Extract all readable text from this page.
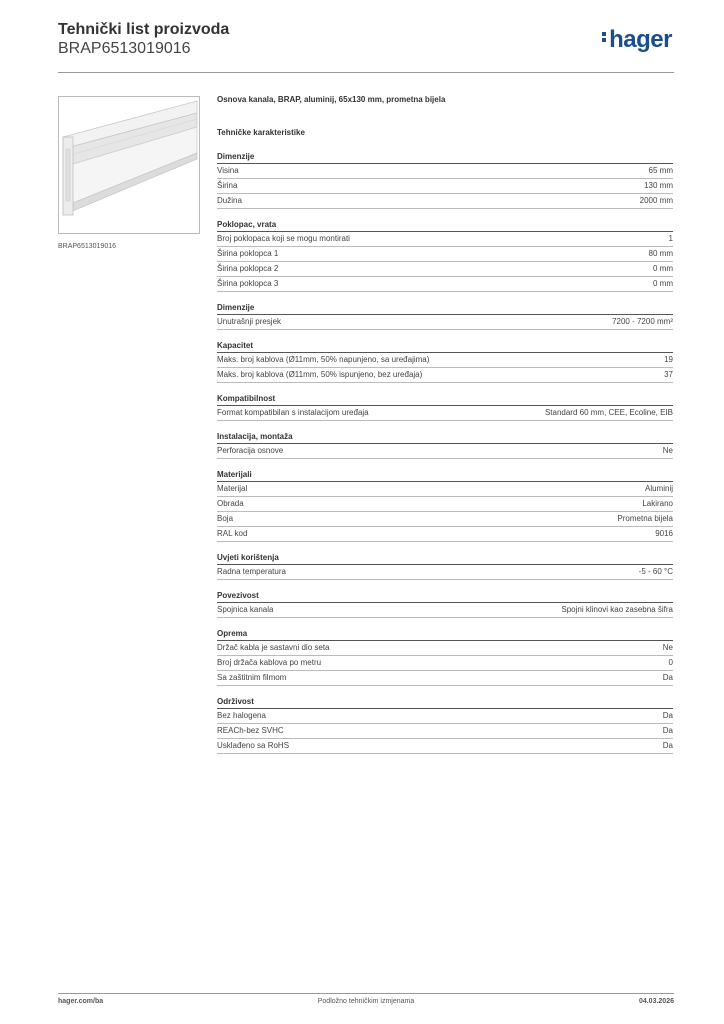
Tehnički list proizvoda

BRAP6513019016	hager
BRAP6513019016

Osnova kanala, BRAP, aluminij, 65x130 mm, prometna bijela

Tehničke karakteristike

Dimenzije
Visina	65 mm
Širina	130 mm
Dužina	2000 mm
Poklopac, vrata
Broj poklopaca koji se mogu montirati	1
Širina poklopca 1	80 mm
Širina poklopca 2	0 mm
Širina poklopca 3	0 mm
Dimenzije
Unutrašnji presjek	7200 - 7200 mm²
Kapacitet
Maks. broj kablova (Ø11mm, 50% napunjeno, sa uređajima)	19
Maks. broj kablova (Ø11mm, 50% ispunjeno, bez uređaja)	37
Kompatibilnost
Format kompatibilan s instalacijom uređaja	Standard 60 mm, CEE, Ecoline, EIB
Instalacija, montaža
Perforacija osnove	Ne
Materijali
Materijal	Aluminij
Obrada	Lakirano
Boja	Prometna bijela
RAL kod	9016
Uvjeti korištenja
Radna temperatura	-5 - 60 °C
Povezivost
Spojnica kanala	Spojni klinovi kao zasebna šifra
Oprema
Držač kabla je sastavni dio seta	Ne
Broj držača kablova po metru	0
Sa zaštitnim filmom	Da
Održivost
Bez halogena	Da
REACh-bez SVHC	Da
Usklađeno sa RoHS	Da
hager.com/ba	Podložno tehničkim izmjenama	04.03.2026
